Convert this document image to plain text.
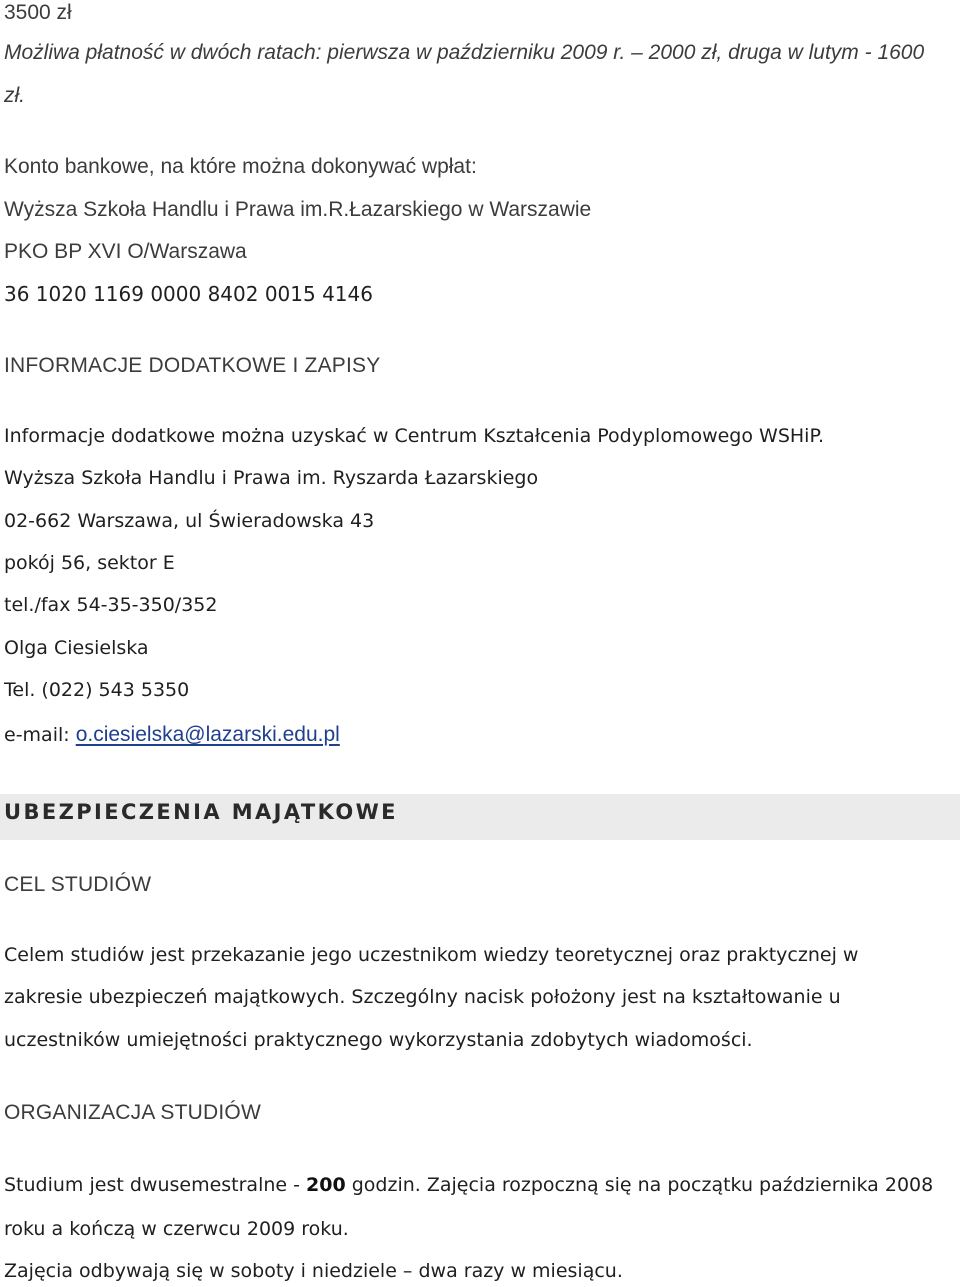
3500 zł
Możliwa płatność w dwóch ratach: pierwsza w październiku 2009 r. – 2000 zł, druga w lutym - 1600
zł.
Konto bankowe, na które można dokonywać wpłat:
Wyższa Szkoła Handlu i Prawa im.R.Łazarskiego w Warszawie
PKO BP XVI O/Warszawa
36 1020 1169 0000 8402 0015 4146
INFORMACJE DODATKOWE I ZAPISY
Informacje dodatkowe można uzyskać w Centrum Kształcenia Podyplomowego WSHiP.
Wyższa Szkoła Handlu i Prawa im. Ryszarda Łazarskiego
02-662 Warszawa, ul Świeradowska 43
pokój 56, sektor E
tel./fax 54-35-350/352
Olga Ciesielska
Tel. (022) 543 5350
e-mail: o.ciesielska@lazarski.edu.pl
UBEZPIECZENIA MAJĄTKOWE
CEL STUDIÓW
Celem studiów jest przekazanie jego uczestnikom wiedzy teoretycznej oraz praktycznej w
zakresie ubezpieczeń majątkowych. Szczególny nacisk położony jest na kształtowanie u
uczestników umiejętności praktycznego wykorzystania zdobytych wiadomości.
ORGANIZACJA STUDIÓW
Studium jest dwusemestralne - 200 godzin. Zajęcia rozpoczną się na początku października 2008
roku a kończą w czerwcu 2009 roku.
Zajęcia odbywają się w soboty i niedziele – dwa razy w miesiącu.
